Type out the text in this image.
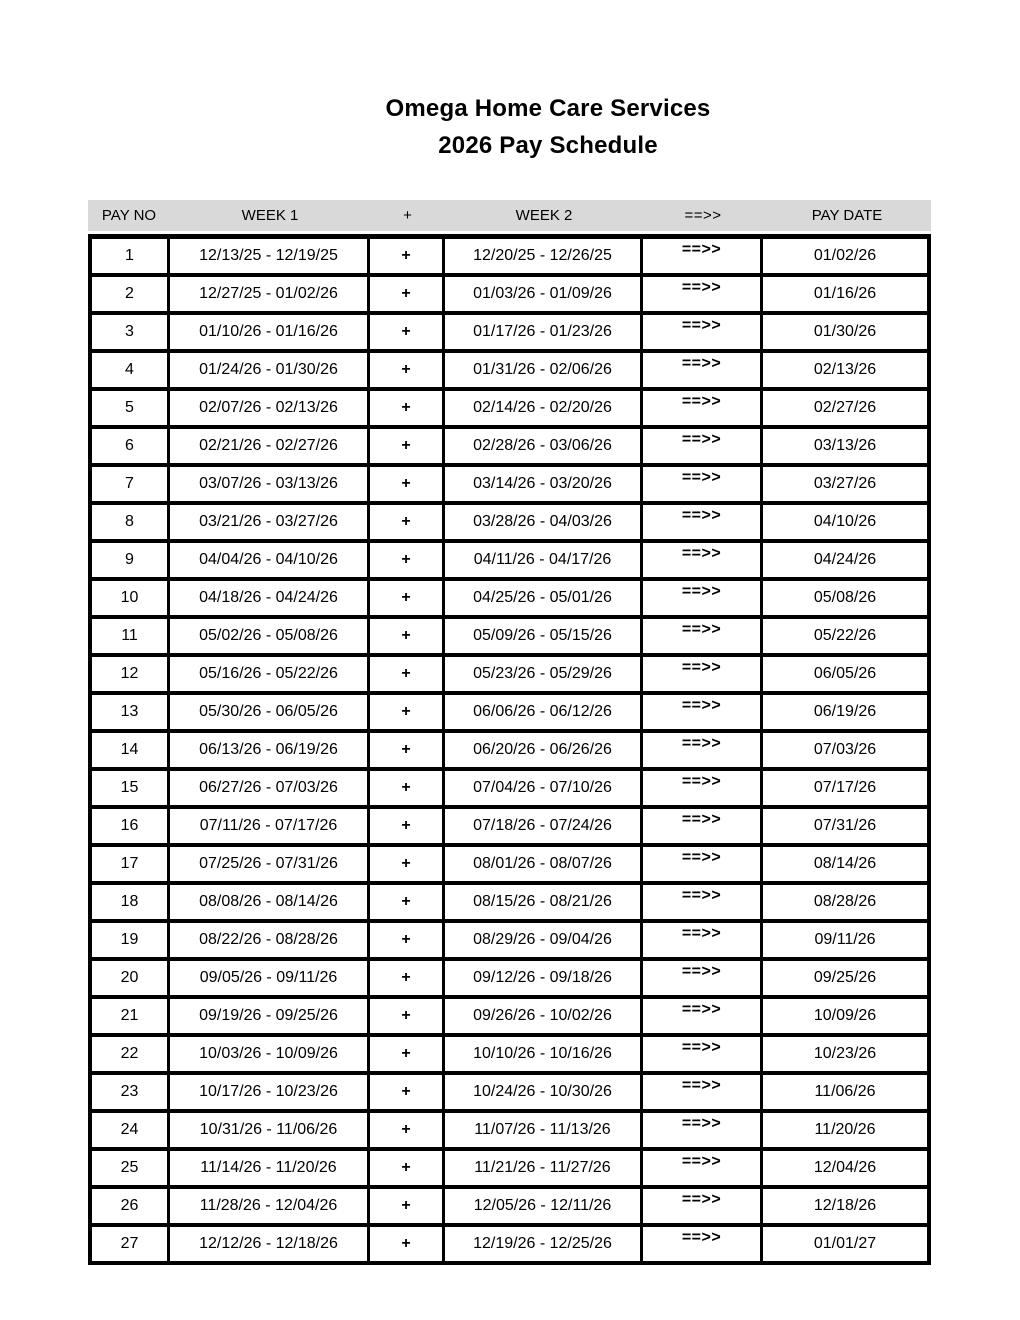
Omega Home Care Services
2026 Pay Schedule
PAY NO	WEEK 1	+	WEEK 2	==>>	PAY DATE
1	12/13/25 - 12/19/25	+	12/20/25 - 12/26/25	==>>	01/02/26
2	12/27/25 - 01/02/26	+	01/03/26 - 01/09/26	==>>	01/16/26
3	01/10/26 - 01/16/26	+	01/17/26 - 01/23/26	==>>	01/30/26
4	01/24/26 - 01/30/26	+	01/31/26 - 02/06/26	==>>	02/13/26
5	02/07/26 - 02/13/26	+	02/14/26 - 02/20/26	==>>	02/27/26
6	02/21/26 - 02/27/26	+	02/28/26 - 03/06/26	==>>	03/13/26
7	03/07/26 - 03/13/26	+	03/14/26 - 03/20/26	==>>	03/27/26
8	03/21/26 - 03/27/26	+	03/28/26 - 04/03/26	==>>	04/10/26
9	04/04/26 - 04/10/26	+	04/11/26 - 04/17/26	==>>	04/24/26
10	04/18/26 - 04/24/26	+	04/25/26 - 05/01/26	==>>	05/08/26
11	05/02/26 - 05/08/26	+	05/09/26 - 05/15/26	==>>	05/22/26
12	05/16/26 - 05/22/26	+	05/23/26 - 05/29/26	==>>	06/05/26
13	05/30/26 - 06/05/26	+	06/06/26 - 06/12/26	==>>	06/19/26
14	06/13/26 - 06/19/26	+	06/20/26 - 06/26/26	==>>	07/03/26
15	06/27/26 - 07/03/26	+	07/04/26 - 07/10/26	==>>	07/17/26
16	07/11/26 - 07/17/26	+	07/18/26 - 07/24/26	==>>	07/31/26
17	07/25/26 - 07/31/26	+	08/01/26 - 08/07/26	==>>	08/14/26
18	08/08/26 - 08/14/26	+	08/15/26 - 08/21/26	==>>	08/28/26
19	08/22/26 - 08/28/26	+	08/29/26 - 09/04/26	==>>	09/11/26
20	09/05/26 - 09/11/26	+	09/12/26 - 09/18/26	==>>	09/25/26
21	09/19/26 - 09/25/26	+	09/26/26 - 10/02/26	==>>	10/09/26
22	10/03/26 - 10/09/26	+	10/10/26 - 10/16/26	==>>	10/23/26
23	10/17/26 - 10/23/26	+	10/24/26 - 10/30/26	==>>	11/06/26
24	10/31/26 - 11/06/26	+	11/07/26 - 11/13/26	==>>	11/20/26
25	11/14/26 - 11/20/26	+	11/21/26 - 11/27/26	==>>	12/04/26
26	11/28/26 - 12/04/26	+	12/05/26 - 12/11/26	==>>	12/18/26
27	12/12/26 - 12/18/26	+	12/19/26 - 12/25/26	==>>	01/01/27
